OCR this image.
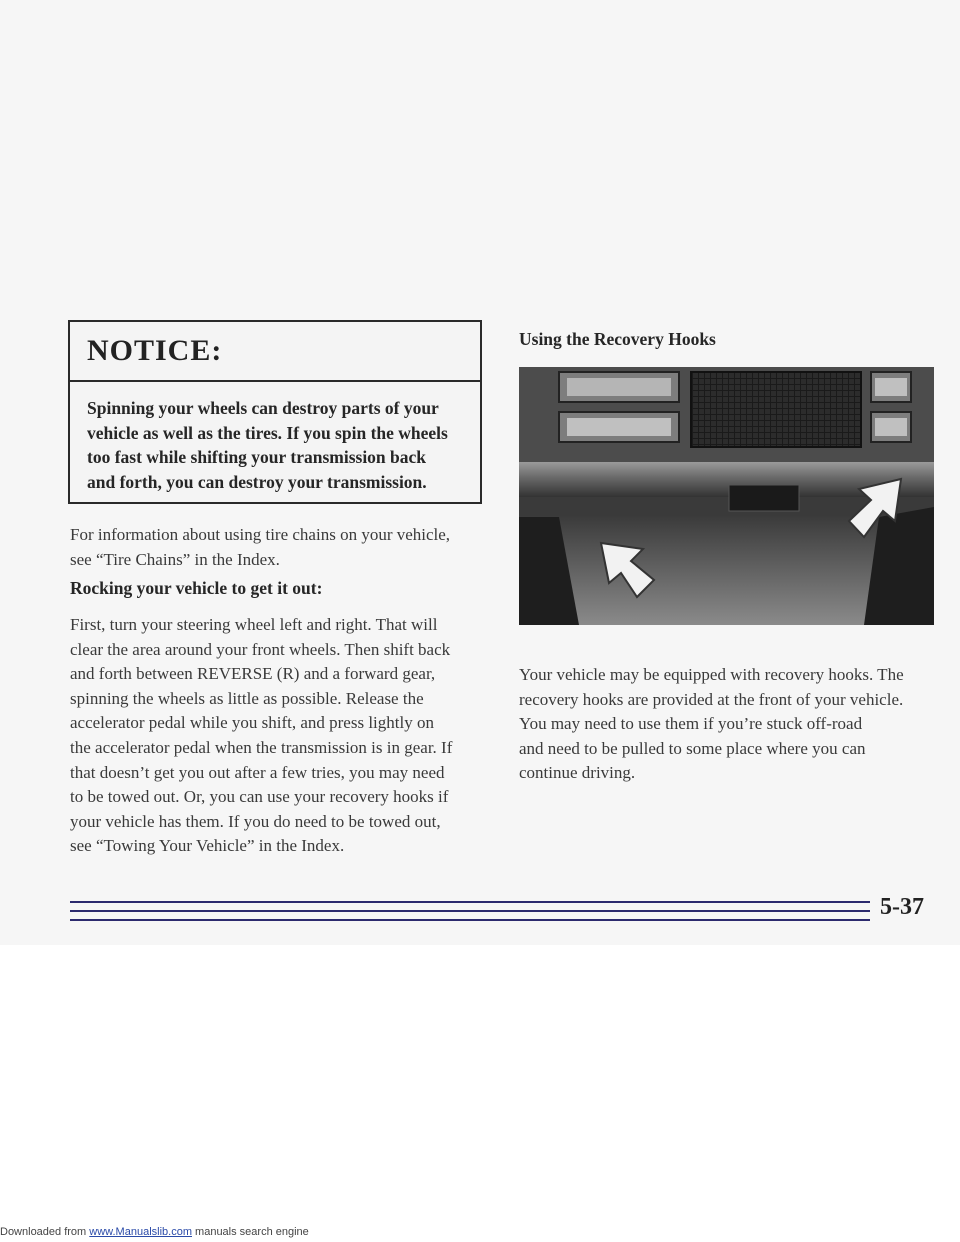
NOTICE:
Spinning your wheels can destroy parts of your
vehicle as well as the tires. If you spin the wheels
too fast while shifting your transmission back
and forth, you can destroy your transmission.
For information about using tire chains on your vehicle,
see “Tire Chains” in the Index.
Rocking your vehicle to get it out:
First, turn your steering wheel left and right. That will
clear the area around your front wheels. Then shift back
and forth between REVERSE (R) and a forward gear,
spinning the wheels as little as possible. Release the
accelerator pedal while you shift, and press lightly on
the accelerator pedal when the transmission is in gear. If
that doesn’t get you out after a few tries, you may need
to be towed out. Or, you can use your recovery hooks if
your vehicle has them. If you do need to be towed out,
see “Towing Your Vehicle” in the Index.
Using the Recovery Hooks
Your vehicle may be equipped with recovery hooks. The
recovery hooks are provided at the front of your vehicle.
You may need to use them if you’re stuck off-road
and need to be pulled to some place where you can
continue driving.
5-37
Downloaded from www.Manualslib.com manuals search engine
